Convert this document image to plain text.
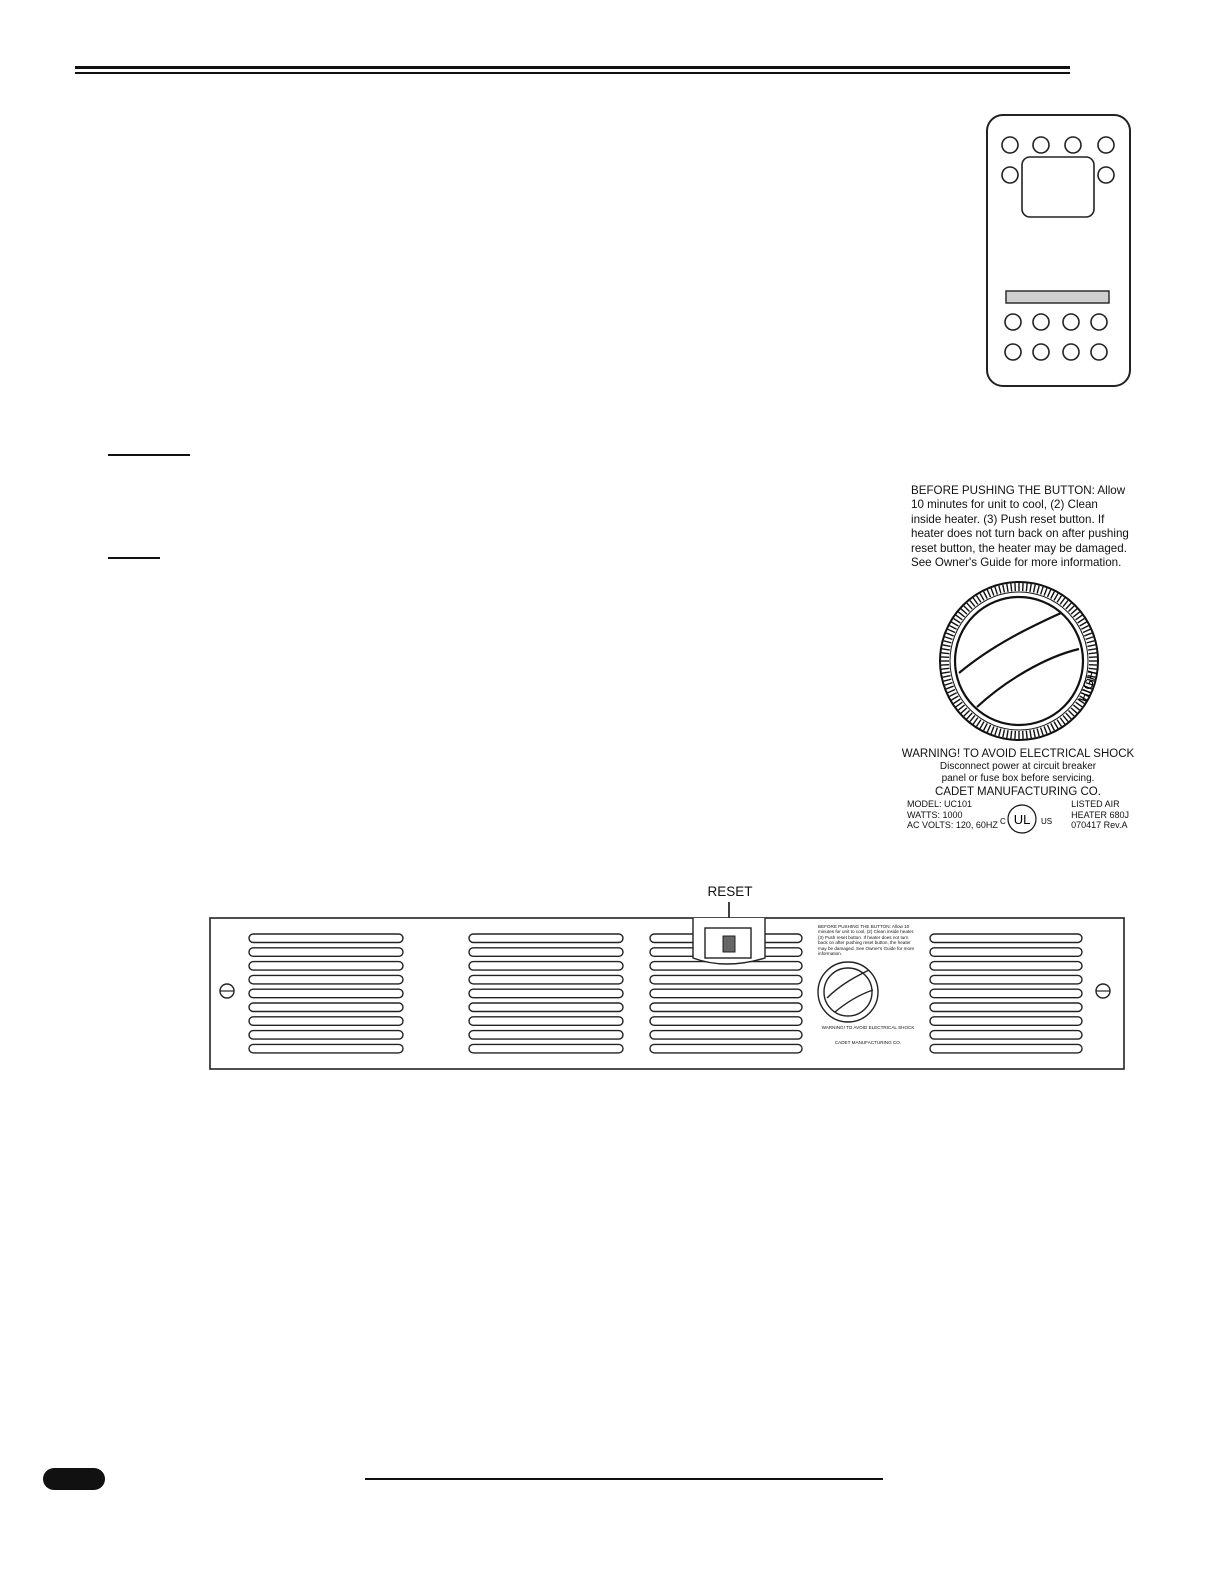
BEFORE PUSHING THE BUTTON: Allow 10 minutes for unit to cool, (2) Clean inside heater. (3) Push reset button. If heater does not turn back on after pushing reset button, the heater may be damaged. See Owner's Guide for more information.
HIGH
WARNING! TO AVOID ELECTRICAL SHOCK
Disconnect power at circuit breaker
panel or fuse box before servicing.
CADET MANUFACTURING CO.
MODEL: UC101
WATTS: 1000
AC VOLTS: 120, 60HZ
LISTED AIR
HEATER 680J
070417 Rev.A
C UL US
RESET
BEFORE PUSHING THE BUTTON: Allow 10 minutes for unit to cool, (2) Clean inside heater. (3) Push reset button. If heater does not turn back on after pushing reset button, the heater may be damaged. See Owner's Guide for more information.
WARNING! TO AVOID ELECTRICAL SHOCK
CADET MANUFACTURING CO.
